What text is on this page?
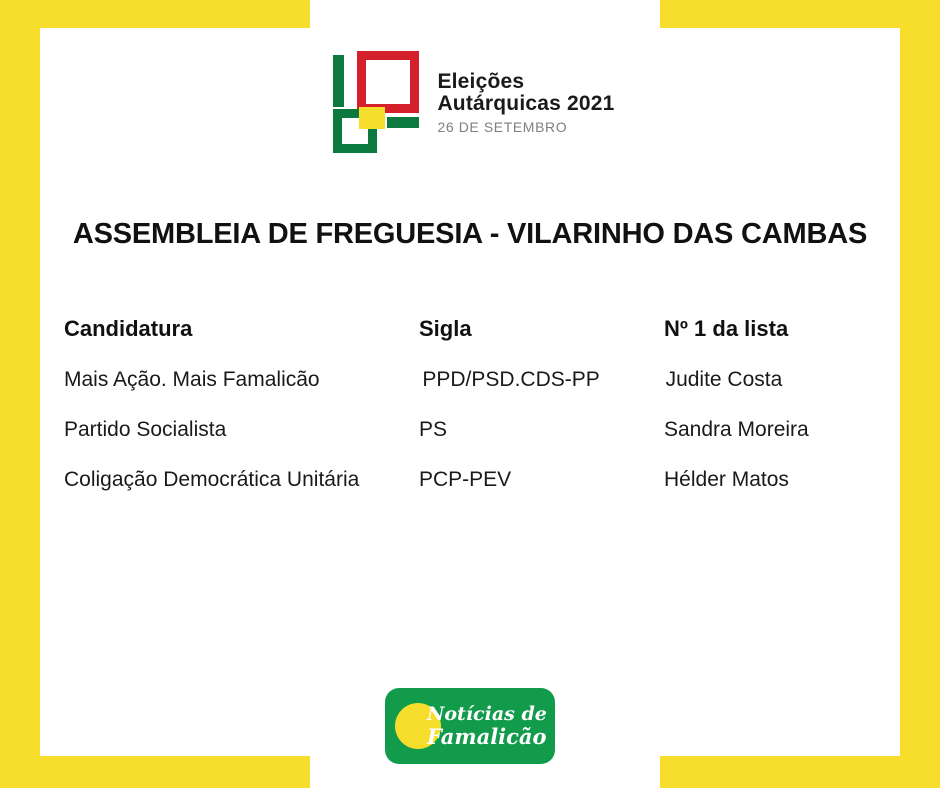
Eleições
Autárquicas 2021
26 DE SETEMBRO
ASSEMBLEIA DE FREGUESIA - VILARINHO DAS CAMBAS
Candidatura	Sigla	Nº 1 da lista
Mais Ação. Mais Famalicão	PPD/PSD.CDS-PP	Judite Costa
Partido Socialista	PS	Sandra Moreira
Coligação Democrática Unitária	PCP-PEV	Hélder Matos
Notícias de
Famalicão
